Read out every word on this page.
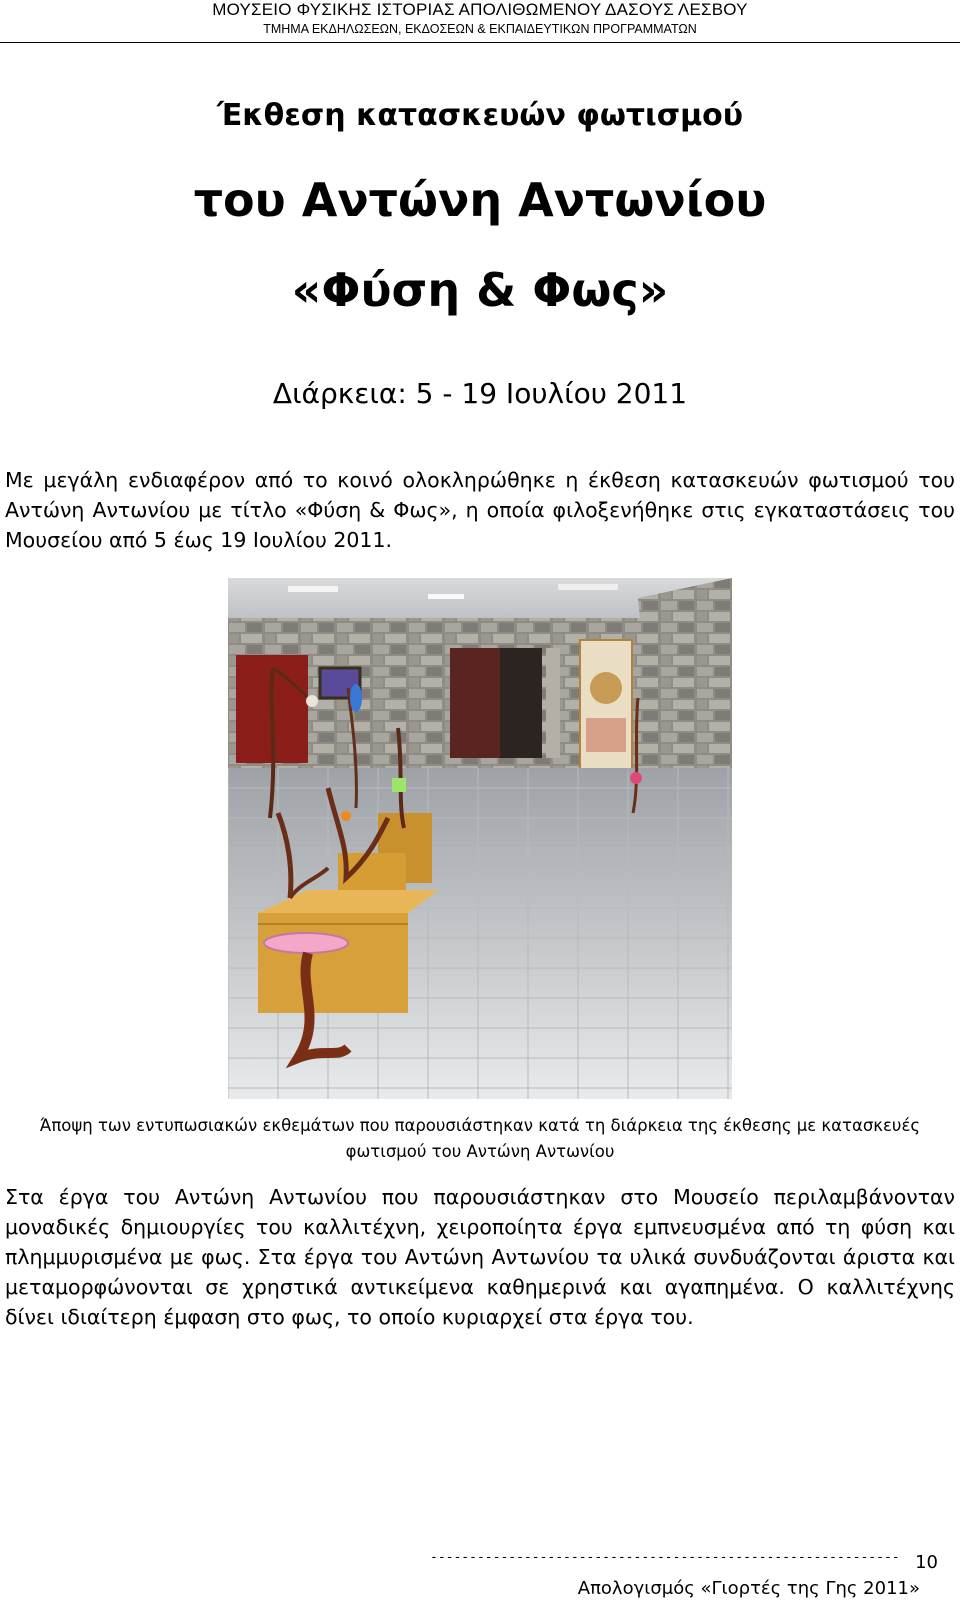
ΜΟΥΣΕΙΟ ΦΥΣΙΚΗΣ ΙΣΤΟΡΙΑΣ ΑΠΟΛΙΘΩΜΕΝΟΥ ΔΑΣΟΥΣ ΛΕΣΒΟΥ
ΤΜΗΜΑ ΕΚΔΗΛΩΣΕΩΝ, ΕΚΔΟΣΕΩΝ & ΕΚΠΑΙΔΕΥΤΙΚΩΝ ΠΡΟΓΡΑΜΜΑΤΩΝ
Έκθεση κατασκευών φωτισμού
του Αντώνη Αντωνίου
«Φύση & Φως»
Διάρκεια: 5 - 19 Ιουλίου 2011
Με μεγάλη ενδιαφέρον από το κοινό ολοκληρώθηκε η έκθεση κατασκευών φωτισμού του Αντώνη Αντωνίου με τίτλο «Φύση & Φως», η οποία φιλοξενήθηκε στις εγκαταστάσεις του Μουσείου από 5 έως 19 Ιουλίου 2011.
Άποψη των εντυπωσιακών εκθεμάτων που παρουσιάστηκαν κατά τη διάρκεια της έκθεσης με κατασκευές φωτισμού του Αντώνη Αντωνίου
Στα έργα του Αντώνη Αντωνίου που παρουσιάστηκαν στο Μουσείο περιλαμβάνονταν μοναδικές δημιουργίες του καλλιτέχνη, χειροποίητα έργα εμπνευσμένα από τη φύση και πλημμυρισμένα με φως. Στα έργα του Αντώνη Αντωνίου τα υλικά συνδυάζονται άριστα και μεταμορφώνονται σε χρηστικά αντικείμενα καθημερινά και αγαπημένα. Ο καλλιτέχνης δίνει ιδιαίτερη έμφαση στο φως, το οποίο κυριαρχεί στα έργα του.
------------------------------------------------------------ 10
Απολογισμός «Γιορτές της Γης 2011»
